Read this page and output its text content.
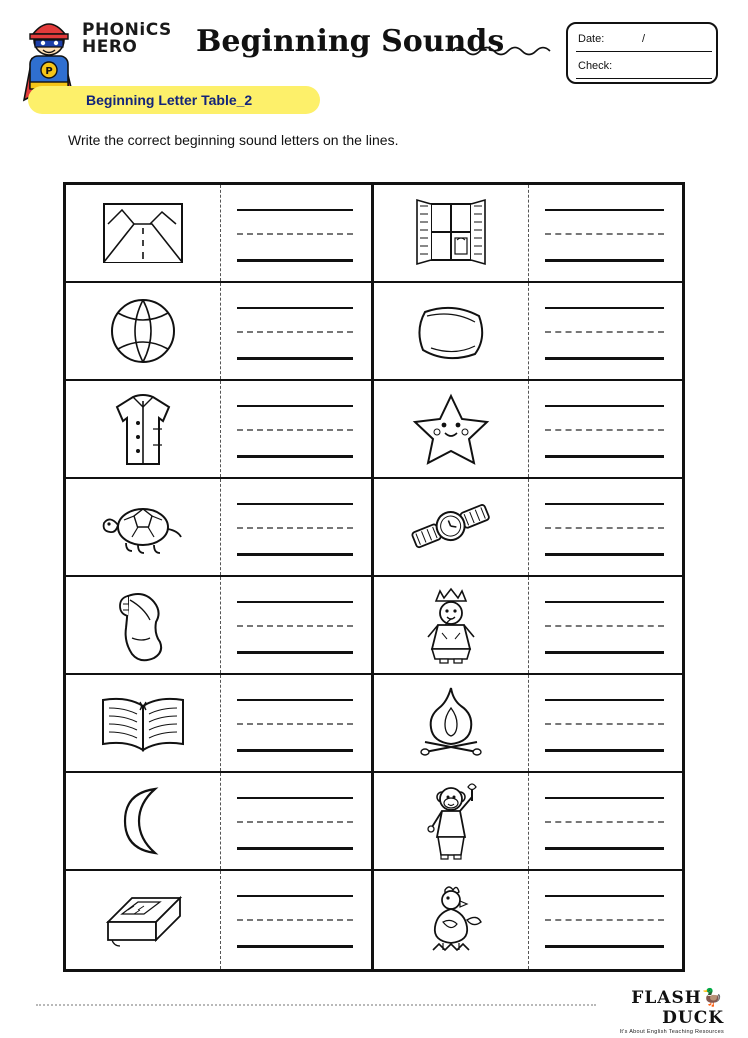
P
PHONiCS
HERO	Beginning Sounds	Date:	/
Check:
Beginning Letter Table_2
Write the correct beginning sound letters on the lines.
FLASH🦆DUCK
It's About English Teaching Resources
